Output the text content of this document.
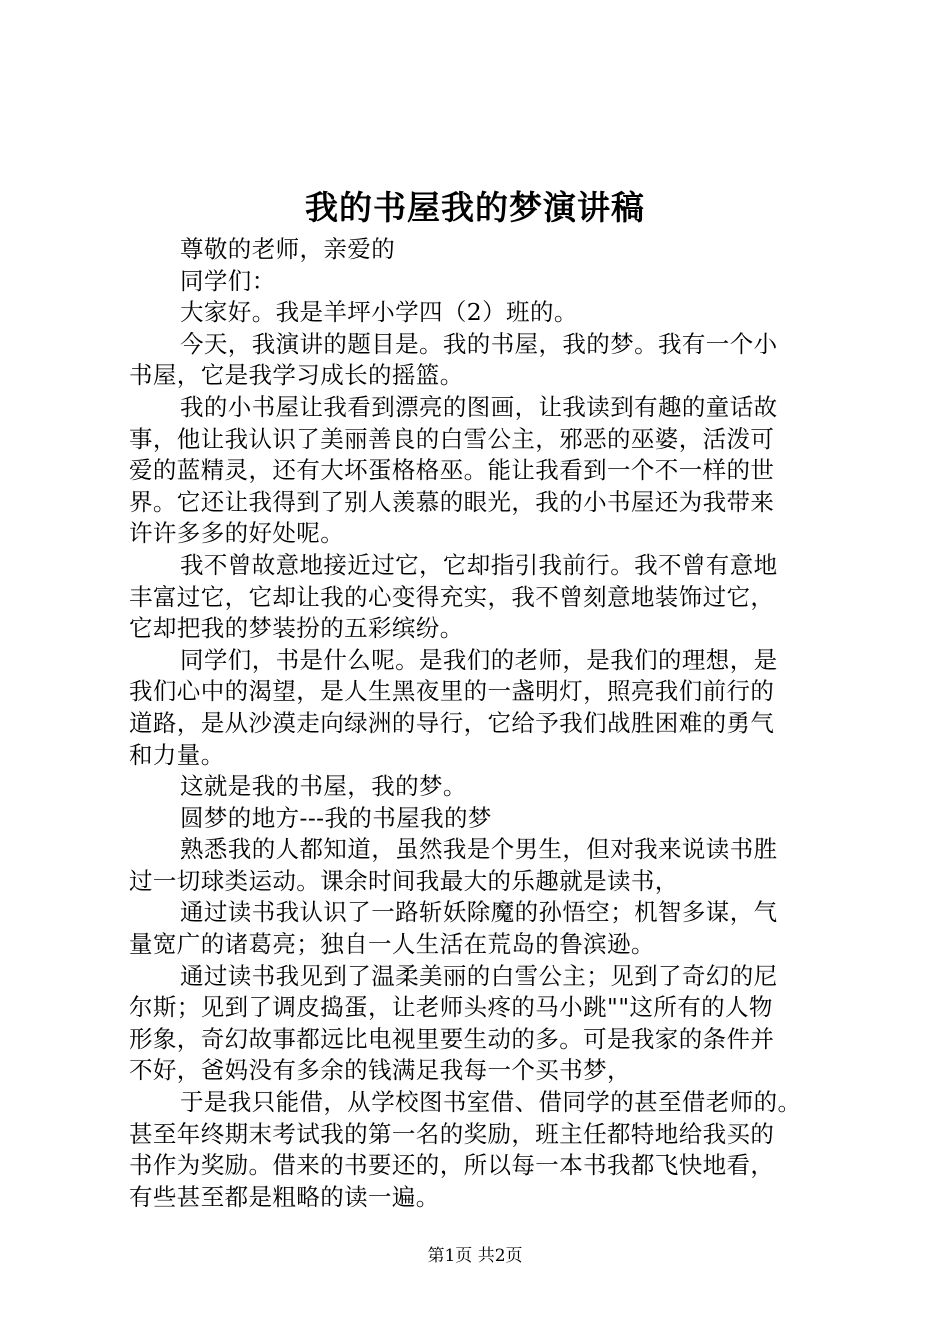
我的书屋我的梦演讲稿
尊敬的老师，亲爱的
同学们：
大家好。我是羊坪小学四（2）班的。
今天，我演讲的题目是。我的书屋，我的梦。我有一个小
书屋，它是我学习成长的摇篮。
我的小书屋让我看到漂亮的图画，让我读到有趣的童话故
事，他让我认识了美丽善良的白雪公主，邪恶的巫婆，活泼可
爱的蓝精灵，还有大坏蛋格格巫。能让我看到一个不一样的世
界。它还让我得到了别人羡慕的眼光，我的小书屋还为我带来
许许多多的好处呢。
我不曾故意地接近过它，它却指引我前行。我不曾有意地
丰富过它，它却让我的心变得充实，我不曾刻意地装饰过它，
它却把我的梦装扮的五彩缤纷。
同学们，书是什么呢。是我们的老师，是我们的理想，是
我们心中的渴望，是人生黑夜里的一盏明灯，照亮我们前行的
道路，是从沙漠走向绿洲的导行，它给予我们战胜困难的勇气
和力量。
这就是我的书屋，我的梦。
圆梦的地方---我的书屋我的梦
熟悉我的人都知道，虽然我是个男生，但对我来说读书胜
过一切球类运动。课余时间我最大的乐趣就是读书，
通过读书我认识了一路斩妖除魔的孙悟空；机智多谋，气
量宽广的诸葛亮；独自一人生活在荒岛的鲁滨逊。
通过读书我见到了温柔美丽的白雪公主；见到了奇幻的尼
尔斯；见到了调皮捣蛋，让老师头疼的马小跳""这所有的人物
形象，奇幻故事都远比电视里要生动的多。可是我家的条件并
不好，爸妈没有多余的钱满足我每一个买书梦，
于是我只能借，从学校图书室借、借同学的甚至借老师的。
甚至年终期末考试我的第一名的奖励，班主任都特地给我买的
书作为奖励。借来的书要还的，所以每一本书我都飞快地看，
有些甚至都是粗略的读一遍。
第1页 共2页
